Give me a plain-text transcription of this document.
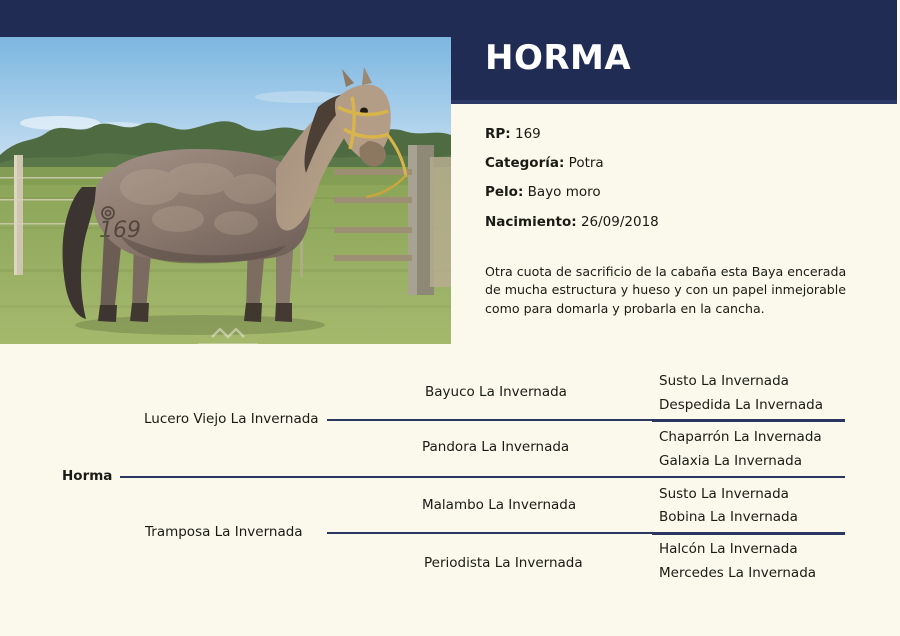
HORMA
169
RP: 169
Categoría: Potra
Pelo: Bayo moro
Nacimiento: 26/09/2018
Otra cuota de sacrificio de la cabaña esta Baya encerada de mucha estructura y hueso y con un papel inmejorable como para domarla y probarla en la cancha.
Horma
Lucero Viejo La Invernada
Tramposa La Invernada
Bayuco La Invernada
Pandora La Invernada
Malambo La Invernada
Periodista La Invernada
Susto La Invernada
Despedida La Invernada
Chaparrón La Invernada
Galaxia La Invernada
Susto La Invernada
Bobina La Invernada
Halcón La Invernada
Mercedes La Invernada
